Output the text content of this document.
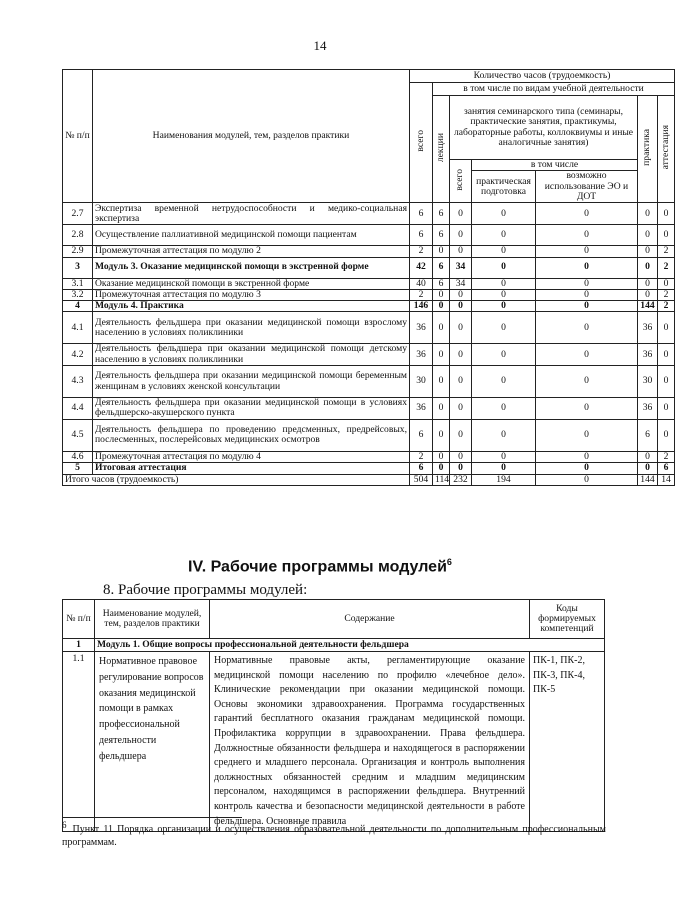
14
№ п/п	Наименования модулей, тем, разделов практики	Количество часов (трудоемкость)						
		всего	в том числе по видам учебной деятельности					
			лекции	занятия семинарского типа (семинары, практические занятия, практикумы, лабораторные работы, коллоквиумы и иные аналогичные занятия)			практика	аттестация
				всего	в том числе			
					практическая подготовка	возможно использование ЭО и ДОТ		
2.7	Экспертиза временной нетрудоспособности и медико-социальная экспертиза	6	6	0	0	0	0	0
2.8	Осуществление паллиативной медицинской помощи пациентам	6	6	0	0	0	0	0
2.9	Промежуточная аттестация по модулю 2	2	0	0	0	0	0	2
3	Модуль 3. Оказание медицинской помощи в экстренной форме	42	6	34	0	0	0	2
3.1	Оказание медицинской помощи в экстренной форме	40	6	34	0	0	0	0
3.2	Промежуточная аттестация по модулю 3	2	0	0	0	0	0	2
4	Модуль 4. Практика	146	0	0	0	0	144	2
4.1	Деятельность фельдшера при оказании медицинской помощи взрослому населению в условиях поликлиники	36	0	0	0	0	36	0
4.2	Деятельность фельдшера при оказании медицинской помощи детскому населению в условиях поликлиники	36	0	0	0	0	36	0
4.3	Деятельность фельдшера при оказании медицинской помощи беременным женщинам в условиях женской консультации	30	0	0	0	0	30	0
4.4	Деятельность фельдшера при оказании медицинской помощи в условиях фельдшерско-акушерского пункта	36	0	0	0	0	36	0
4.5	Деятельность фельдшера по проведению предсменных, предрейсовых, послесменных, послерейсовых медицинских осмотров	6	0	0	0	0	6	0
4.6	Промежуточная аттестация по модулю 4	2	0	0	0	0	0	2
5	Итоговая аттестация	6	0	0	0	0	0	6
Итого часов (трудоемкость)		504	114	232	194	0	144	14
IV. Рабочие программы модулей$^6$
8. Рабочие программы модулей:
№ п/п	Наименование модулей, тем, разделов практики	Содержание	Коды формируемых компетенций
1	Модуль 1. Общие вопросы профессиональной деятельности фельдшера		
1.1	Нормативное правовое регулирование вопросов оказания медицинской помощи в рамках профессиональной деятельности фельдшера	Нормативные правовые акты, регламентирующие оказание медицинской помощи населению по профилю «лечебное дело». Клинические рекомендации при оказании медицинской помощи. Основы экономики здравоохранения. Программа государственных гарантий бесплатного оказания гражданам медицинской помощи. Профилактика коррупции в здравоохранении. Права фельдшера. Должностные обязанности фельдшера и находящегося в распоряжении среднего и младшего персонала. Организация и контроль выполнения должностных обязанностей средним и младшим медицинским персоналом, находящимся в распоряжении фельдшера. Внутренний контроль качества и безопасности медицинской деятельности в работе фельдшера. Основные правила	ПК-1, ПК-2, ПК-3, ПК-4, ПК-5
6 Пункт 11 Порядка организации и осуществления образовательной деятельности по дополнительным профессиональным программам.
